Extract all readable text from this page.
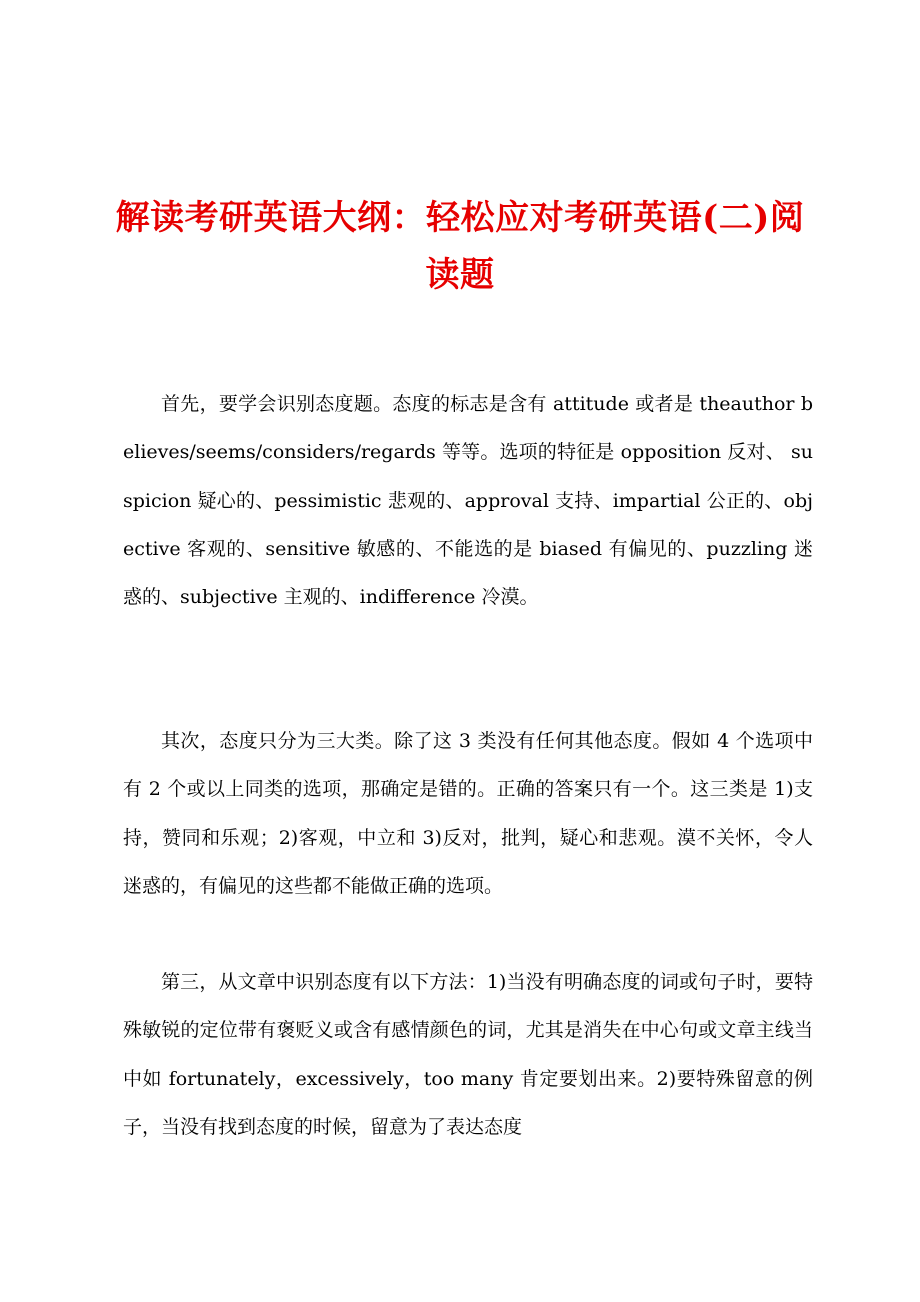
解读考研英语大纲：轻松应对考研英语(二)阅读题

首先，要学会识别态度题。态度的标志是含有 attitude 或者是 theauthor believes/seems/considers/regards 等等。选项的特征是 opposition 反对、 suspicion 疑心的、pessimistic 悲观的、approval 支持、impartial 公正的、objective 客观的、sensitive 敏感的、不能选的是 biased 有偏见的、puzzling 迷惑的、subjective 主观的、indifference 冷漠。

其次，态度只分为三大类。除了这 3 类没有任何其他态度。假如 4 个选项中有 2 个或以上同类的选项，那确定是错的。正确的答案只有一个。这三类是 1)支持，赞同和乐观；2)客观，中立和 3)反对，批判，疑心和悲观。漠不关怀，令人迷惑的，有偏见的这些都不能做正确的选项。

第三，从文章中识别态度有以下方法：1)当没有明确态度的词或句子时，要特殊敏锐的定位带有褒贬义或含有感情颜色的词，尤其是消失在中心句或文章主线当中如 fortunately，excessively，too many 肯定要划出来。2)要特殊留意的例子，当没有找到态度的时候，留意为了表达态度
